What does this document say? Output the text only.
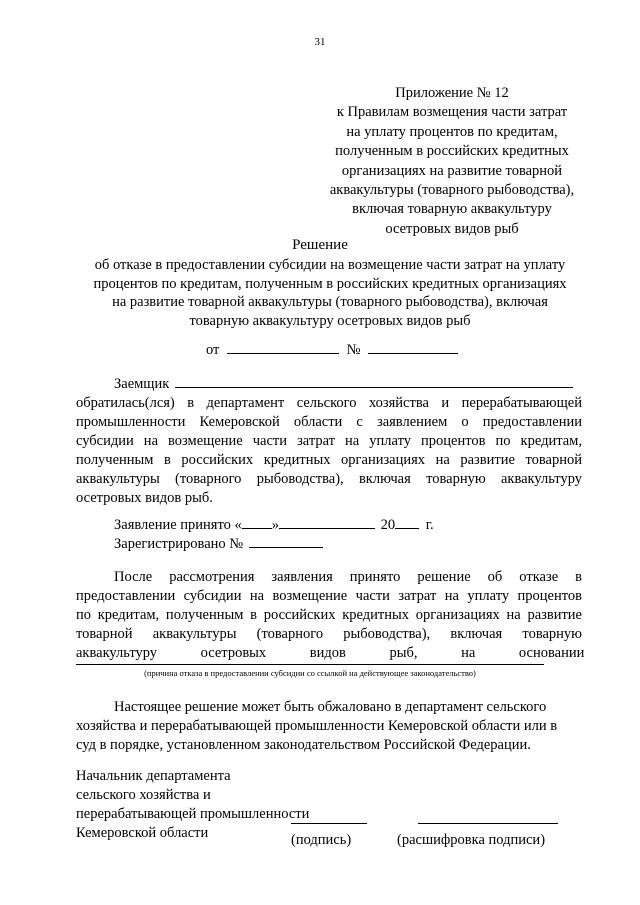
31
Приложение № 12
к Правилам возмещения части затрат
на уплату процентов по кредитам,
полученным в российских кредитных
организациях на развитие товарной
аквакультуры (товарного рыбоводства),
включая товарную аквакультуру
осетровых видов рыб
Решение
об отказе в предоставлении субсидии на возмещение части затрат на уплату
процентов по кредитам, полученным в российских кредитных организациях
на развитие товарной аквакультуры (товарного рыбоводства), включая
товарную аквакультуру осетровых видов рыб
от	№
Заемщик
обратилась(лся) в департамент сельского хозяйства и перерабатывающей
промышленности Кемеровской области с заявлением о предоставлении
субсидии на возмещение части затрат на уплату процентов по кредитам,
полученным в российских кредитных организациях на развитие товарной
аквакультуры (товарного рыбоводства), включая товарную аквакультуру
осетровых видов рыб.
Заявление принято « »	20 г.
Зарегистрировано №
После рассмотрения заявления принято решение об отказе в
предоставлении субсидии на возмещение части затрат на уплату процентов
по кредитам, полученным в российских кредитных организациях на развитие
товарной аквакультуры (товарного рыбоводства), включая товарную
аквакультуру осетровых видов рыб, на основании
(причина отказа в предоставлении субсидии со ссылкой на действующее законодательство)
Настоящее решение может быть обжаловано в департамент сельского
хозяйства и перерабатывающей промышленности Кемеровской области или в
суд в порядке, установленном законодательством Российской Федерации.
Начальник департамента
сельского хозяйства и
перерабатывающей промышленности
Кемеровской области	(подпись)	(расшифровка подписи)
